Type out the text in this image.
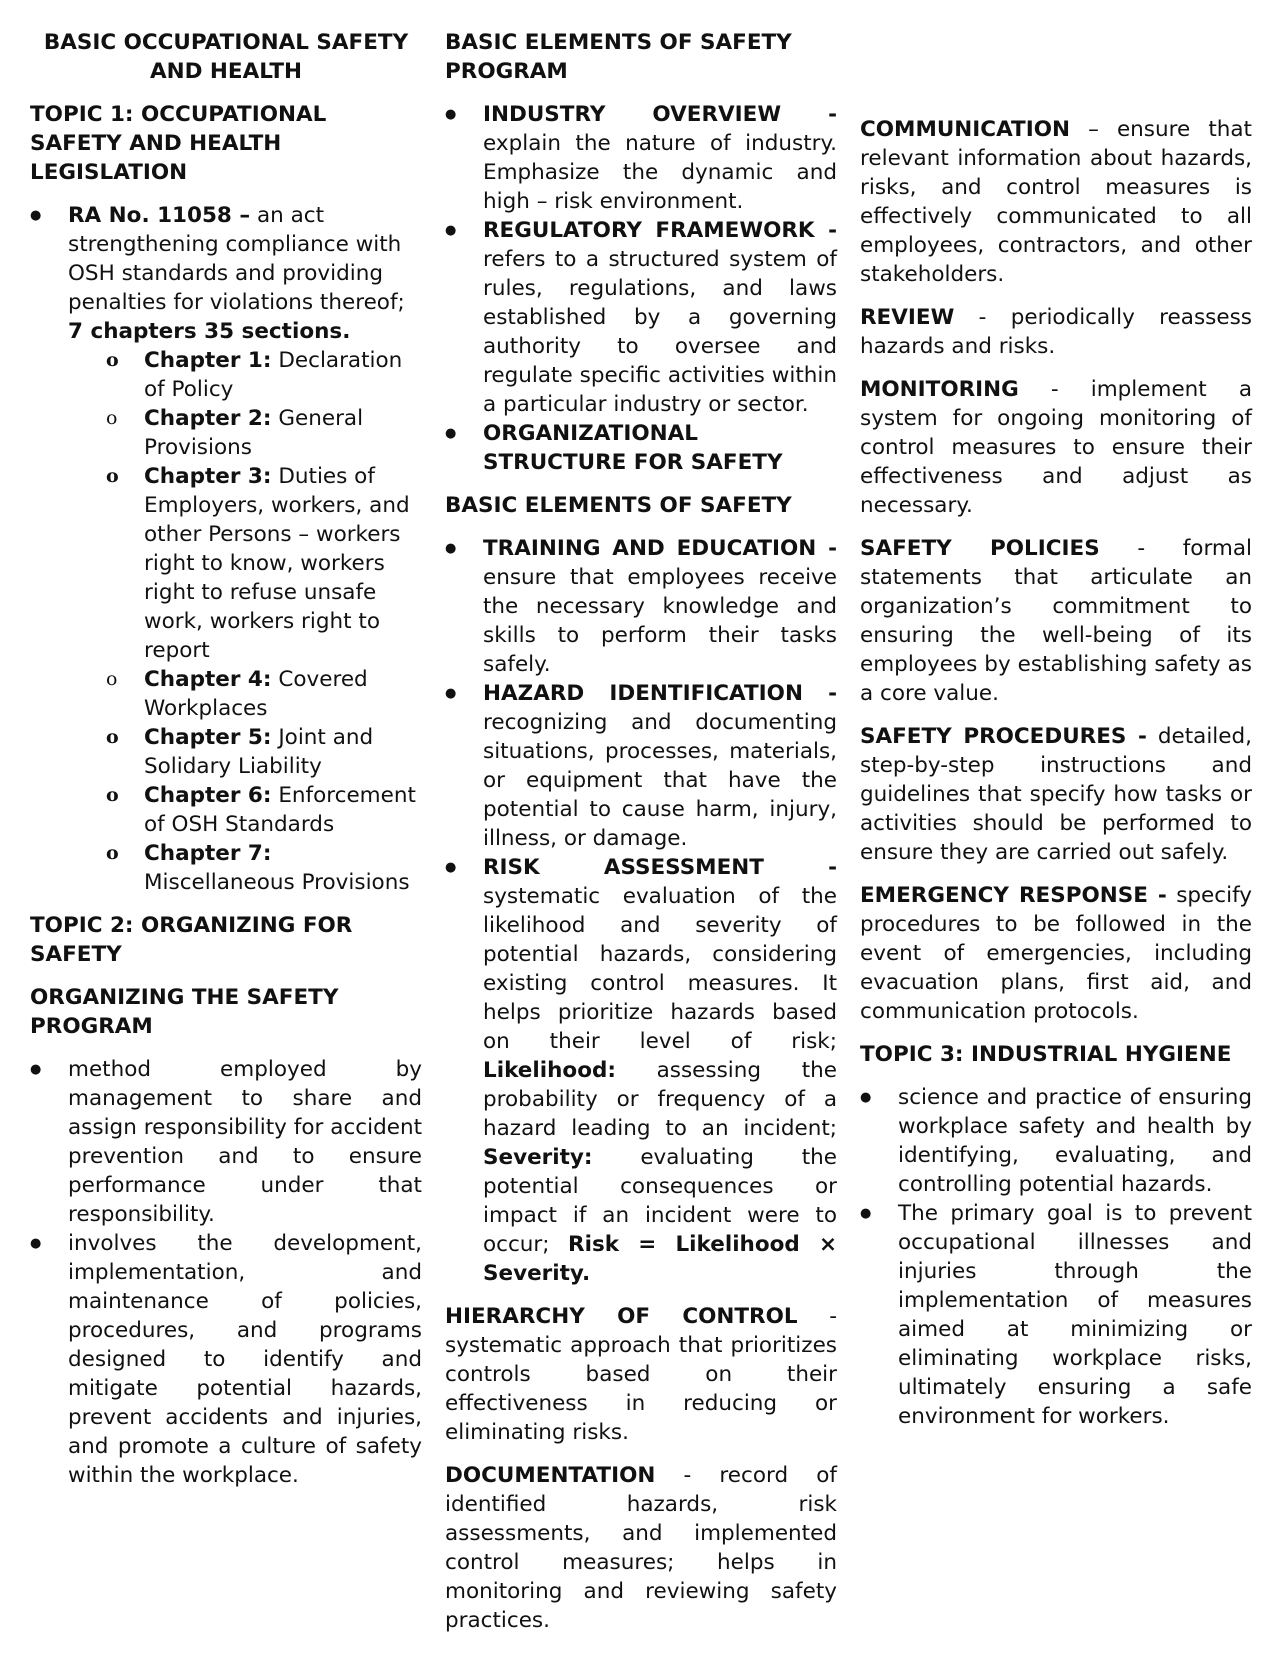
BASIC OCCUPATIONAL SAFETY AND HEALTH
TOPIC 1: OCCUPATIONAL SAFETY AND HEALTH LEGISLATION
● RA No. 11058 – an act strengthening compliance with OSH standards and providing penalties for violations thereof; 7 chapters 35 sections.
o Chapter 1: Declaration of Policy
o Chapter 2: General Provisions
o Chapter 3: Duties of Employers, workers, and other Persons – workers right to know, workers right to refuse unsafe work, workers right to report
o Chapter 4: Covered Workplaces
o Chapter 5: Joint and Solidary Liability
o Chapter 6: Enforcement of OSH Standards
o Chapter 7: Miscellaneous Provisions
TOPIC 2: ORGANIZING FOR SAFETY
ORGANIZING THE SAFETY PROGRAM
● method employed by management to share and assign responsibility for accident prevention and to ensure performance under that responsibility.
● involves the development, implementation, and maintenance of policies, procedures, and programs designed to identify and mitigate potential hazards, prevent accidents and injuries, and promote a culture of safety within the workplace.
BASIC ELEMENTS OF SAFETY PROGRAM
● INDUSTRY OVERVIEW - explain the nature of industry. Emphasize the dynamic and high – risk environment.
● REGULATORY FRAMEWORK - refers to a structured system of rules, regulations, and laws established by a governing authority to oversee and regulate specific activities within a particular industry or sector.
● ORGANIZATIONAL STRUCTURE FOR SAFETY
BASIC ELEMENTS OF SAFETY
● TRAINING AND EDUCATION - ensure that employees receive the necessary knowledge and skills to perform their tasks safely.
● HAZARD IDENTIFICATION - recognizing and documenting situations, processes, materials, or equipment that have the potential to cause harm, injury, illness, or damage.
● RISK ASSESSMENT - systematic evaluation of the likelihood and severity of potential hazards, considering existing control measures. It helps prioritize hazards based on their level of risk; Likelihood: assessing the probability or frequency of a hazard leading to an incident; Severity: evaluating the potential consequences or impact if an incident were to occur; Risk = Likelihood × Severity.
HIERARCHY OF CONTROL - systematic approach that prioritizes controls based on their effectiveness in reducing or eliminating risks.
DOCUMENTATION - record of identified hazards, risk assessments, and implemented control measures; helps in monitoring and reviewing safety practices.
COMMUNICATION – ensure that relevant information about hazards, risks, and control measures is effectively communicated to all employees, contractors, and other stakeholders.
REVIEW - periodically reassess hazards and risks.
MONITORING - implement a system for ongoing monitoring of control measures to ensure their effectiveness and adjust as necessary.
SAFETY POLICIES - formal statements that articulate an organization’s commitment to ensuring the well-being of its employees by establishing safety as a core value.
SAFETY PROCEDURES - detailed, step-by-step instructions and guidelines that specify how tasks or activities should be performed to ensure they are carried out safely.
EMERGENCY RESPONSE - specify procedures to be followed in the event of emergencies, including evacuation plans, first aid, and communication protocols.
TOPIC 3: INDUSTRIAL HYGIENE
● science and practice of ensuring workplace safety and health by identifying, evaluating, and controlling potential hazards.
● The primary goal is to prevent occupational illnesses and injuries through the implementation of measures aimed at minimizing or eliminating workplace risks, ultimately ensuring a safe environment for workers.
